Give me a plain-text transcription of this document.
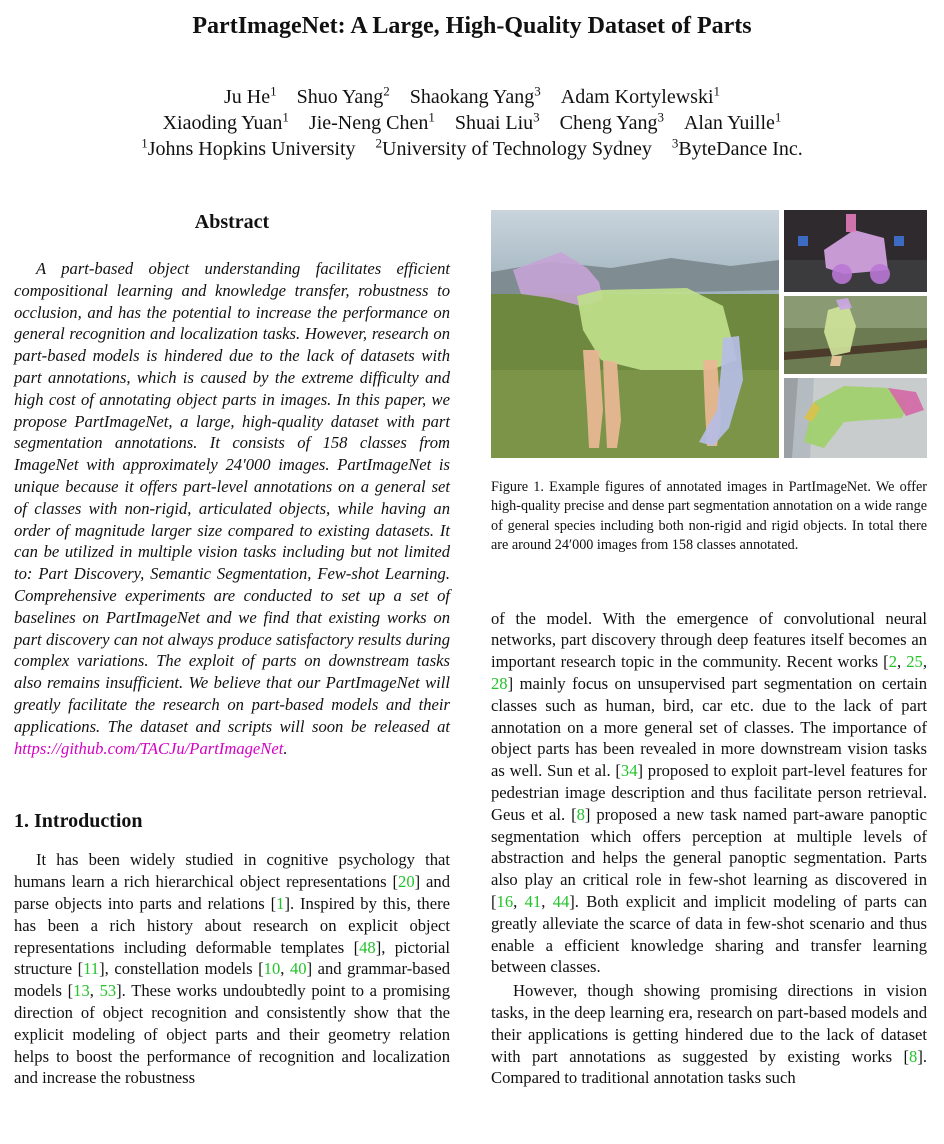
PartImageNet: A Large, High-Quality Dataset of Parts
Ju He$^1$ Shuo Yang$^2$ Shaokang Yang$^3$ Adam Kortylewski$^1$
Xiaoding Yuan$^1$ Jie-Neng Chen$^1$ Shuai Liu$^3$ Cheng Yang$^3$ Alan Yuille$^1$
$^1$Johns Hopkins University $^2$University of Technology Sydney $^3$ByteDance Inc.
Abstract

A part-based object understanding facilitates efficient compositional learning and knowledge transfer, robustness to occlusion, and has the potential to increase the performance on general recognition and localization tasks. However, research on part-based models is hindered due to the lack of datasets with part annotations, which is caused by the extreme difficulty and high cost of annotating object parts in images. In this paper, we propose PartImageNet, a large, high-quality dataset with part segmentation annotations. It consists of 158 classes from ImageNet with approximately 24′000 images. PartImageNet is unique because it offers part-level annotations on a general set of classes with non-rigid, articulated objects, while having an order of magnitude larger size compared to existing datasets. It can be utilized in multiple vision tasks including but not limited to: Part Discovery, Semantic Segmentation, Few-shot Learning. Comprehensive experiments are conducted to set up a set of baselines on PartImageNet and we find that existing works on part discovery can not always produce satisfactory results during complex variations. The exploit of parts on downstream tasks also remains insufficient. We believe that our PartImageNet will greatly facilitate the research on part-based models and their applications. The dataset and scripts will soon be released at https://github.com/TACJu/PartImageNet.

1. Introduction

It has been widely studied in cognitive psychology that humans learn a rich hierarchical object representations [20] and parse objects into parts and relations [1]. Inspired by this, there has been a rich history about research on explicit object representations including deformable templates [48], pictorial structure [11], constellation models [10, 40] and grammar-based models [13, 53]. These works undoubtedly point to a promising direction of object recognition and consistently show that the explicit modeling of object parts and their geometry relation helps to boost the performance of recognition and localization and increase the robustness

Figure 1. Example figures of annotated images in PartImageNet. We offer high-quality precise and dense part segmentation annotation on a wide range of general species including both non-rigid and rigid objects. In total there are around 24′000 images from 158 classes annotated.

of the model. With the emergence of convolutional neural networks, part discovery through deep features itself becomes an important research topic in the community. Recent works [2, 25, 28] mainly focus on unsupervised part segmentation on certain classes such as human, bird, car etc. due to the lack of part annotation on a more general set of classes. The importance of object parts has been revealed in more downstream vision tasks as well. Sun et al. [34] proposed to exploit part-level features for pedestrian image description and thus facilitate person retrieval. Geus et al. [8] proposed a new task named part-aware panoptic segmentation which offers perception at multiple levels of abstraction and helps the general panoptic segmentation. Parts also play an critical role in few-shot learning as discovered in [16, 41, 44]. Both explicit and implicit modeling of parts can greatly alleviate the scarce of data in few-shot scenario and thus enable a efficient knowledge sharing and transfer learning between classes.

However, though showing promising directions in vision tasks, in the deep learning era, research on part-based models and their applications is getting hindered due to the lack of dataset with part annotations as suggested by existing works [8]. Compared to traditional annotation tasks such
